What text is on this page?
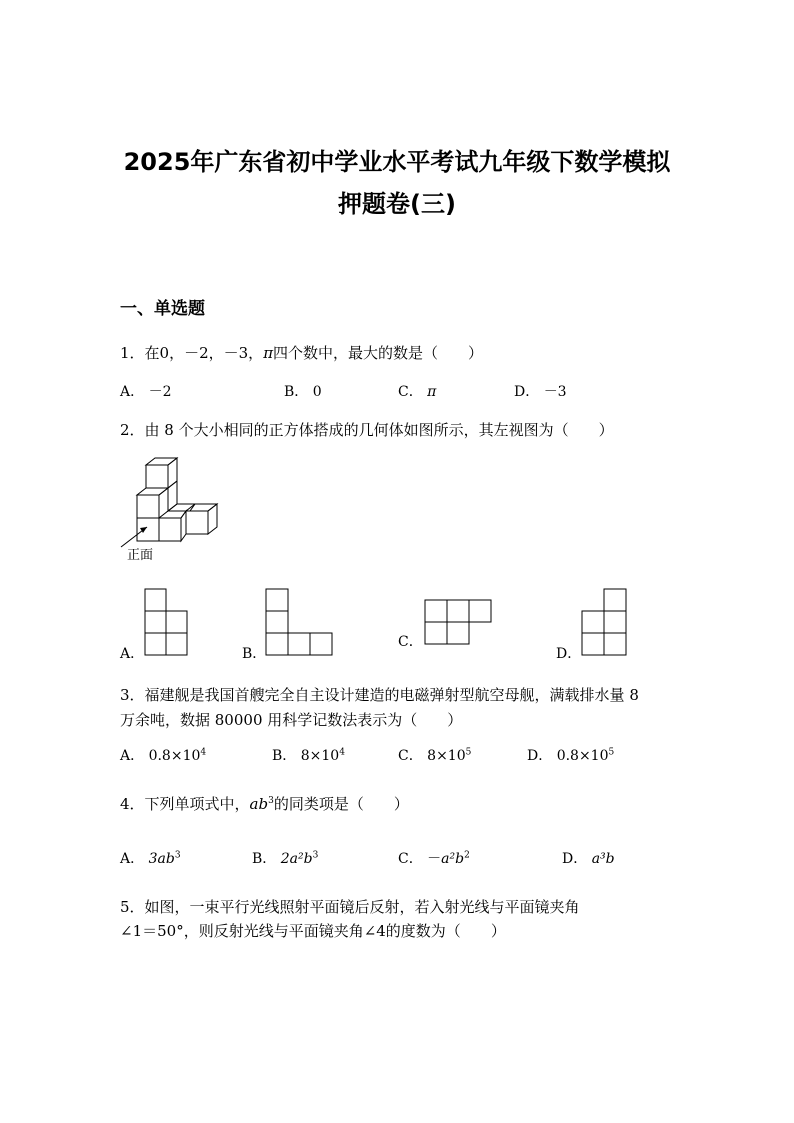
2025年广东省初中学业水平考试九年级下数学模拟
押题卷(三)
一、单选题
1．在0，－2，－3，π四个数中，最大的数是（　　）
A． －2	B． 0	C． π	D． －3
2．由 8 个大小相同的正方体搭成的几何体如图所示，其左视图为（　　）
正面
A．	B．
C．
D．
3．福建舰是我国首艘完全自主设计建造的电磁弹射型航空母舰，满载排水量 8
万余吨，数据 80000 用科学记数法表示为（　　）
A． $0.8\times 10^4$	B． $8\times 10^4$	C． $8\times 10^5$	D． $0.8\times 10^5$
4．下列单项式中，$ab^3$的同类项是（　　）
A． $3ab^3$	B． $2a^2b^3$	C． $-a^2b^2$	D． a³b
5．如图，一束平行光线照射平面镜后反射，若入射光线与平面镜夹角
∠1＝50°，则反射光线与平面镜夹角∠4的度数为（　　）
